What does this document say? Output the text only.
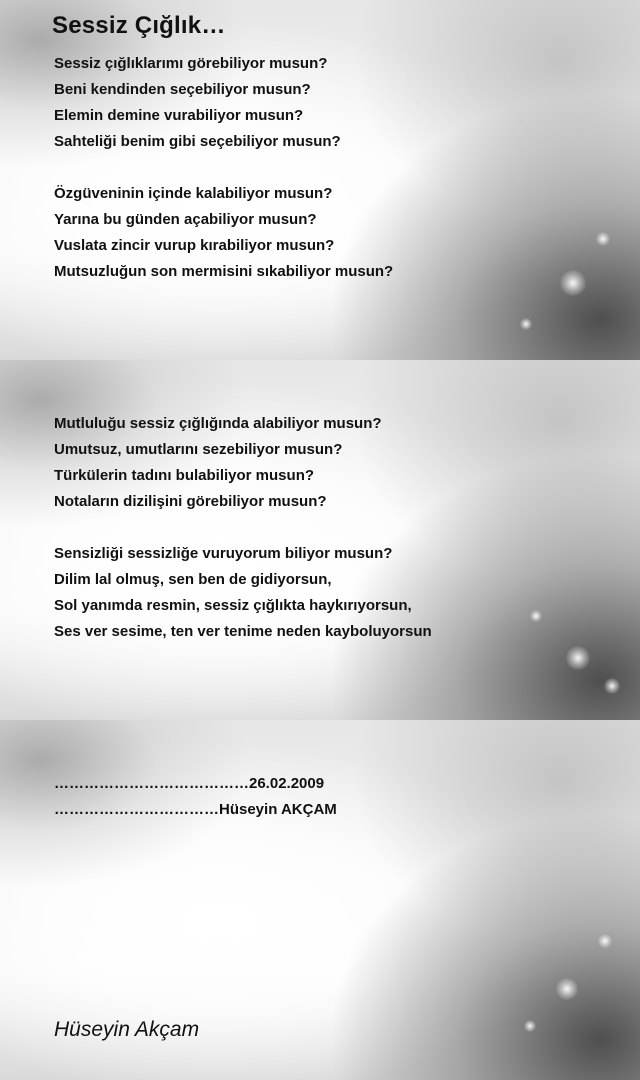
Sessiz Çığlık…
Sessiz çığlıklarımı görebiliyor musun?
Beni kendinden seçebiliyor musun?
Elemin demine vurabiliyor musun?
Sahteliği benim gibi seçebiliyor musun?
Özgüveninin içinde kalabiliyor musun?
Yarına bu günden açabiliyor musun?
Vuslata zincir vurup kırabiliyor musun?
Mutsuzluğun son mermisini sıkabiliyor musun?
Mutluluğu sessiz çığlığında alabiliyor musun?
Umutsuz, umutlarını sezebiliyor musun?
Türkülerin tadını bulabiliyor musun?
Notaların dizilişini görebiliyor musun?
Sensizliği sessizliğe vuruyorum biliyor musun?
Dilim lal olmuş, sen ben de gidiyorsun,
Sol yanımda resmin, sessiz çığlıkta haykırıyorsun,
Ses ver sesime, ten ver tenime neden kayboluyorsun
…………………………………26.02.2009
……………………………Hüseyin AKÇAM
Hüseyin Akçam
